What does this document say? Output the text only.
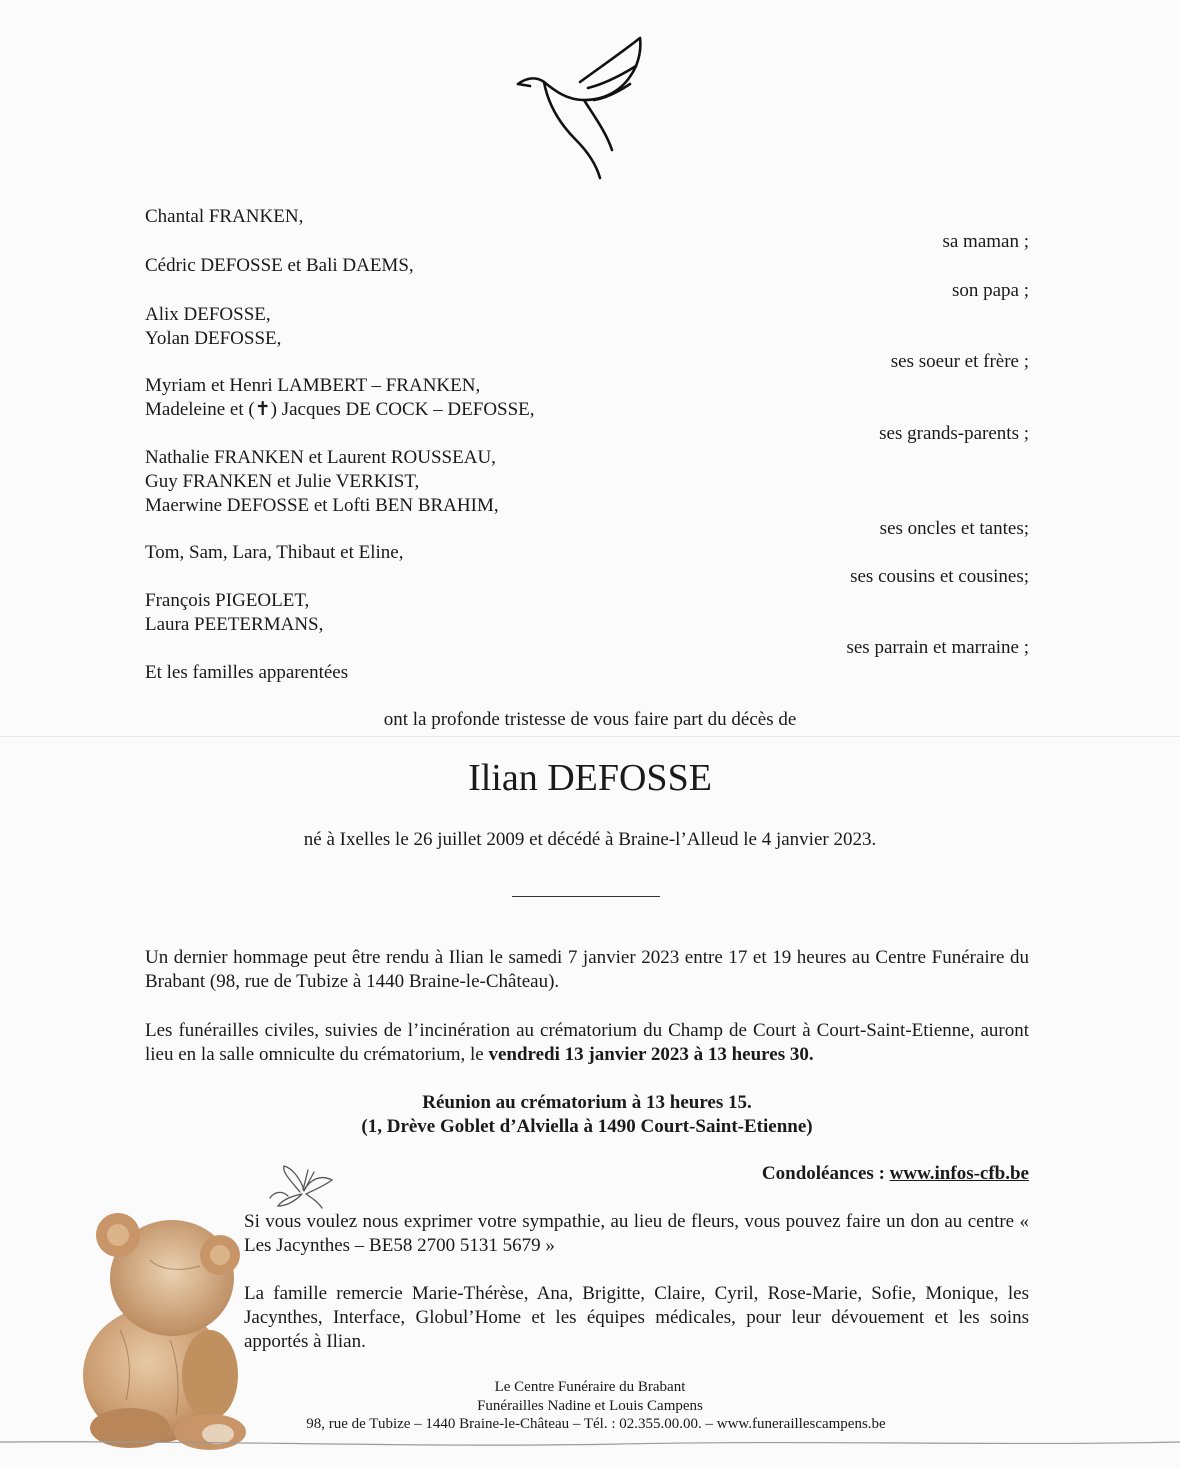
Chantal FRANKEN,
sa maman ;
Cédric DEFOSSE et Bali DAEMS,
son papa ;
Alix DEFOSSE,
Yolan DEFOSSE,
ses soeur et frère ;
Myriam et Henri LAMBERT – FRANKEN,
Madeleine et (✝) Jacques DE COCK – DEFOSSE,
ses grands-parents ;
Nathalie FRANKEN et Laurent ROUSSEAU,
Guy FRANKEN et Julie VERKIST,
Maerwine DEFOSSE et Lofti BEN BRAHIM,
ses oncles et tantes;
Tom, Sam, Lara, Thibaut et Eline,
ses cousins et cousines;
François PIGEOLET,
Laura PEETERMANS,
ses parrain et marraine ;
Et les familles apparentées
ont la profonde tristesse de vous faire part du décès de
Ilian DEFOSSE
né à Ixelles le 26 juillet 2009 et décédé à Braine-l’Alleud le 4 janvier 2023.
Un dernier hommage peut être rendu à Ilian le samedi 7 janvier 2023 entre 17 et 19 heures au Centre Funéraire du Brabant (98, rue de Tubize à 1440 Braine-le-Château).
Les funérailles civiles, suivies de l’incinération au crématorium du Champ de Court à Court-Saint-Etienne, auront lieu en la salle omniculte du crématorium, le vendredi 13 janvier 2023 à 13 heures 30.
Réunion au crématorium à 13 heures 15.
(1, Drève Goblet d’Alviella à 1490 Court-Saint-Etienne)
Condoléances : www.infos-cfb.be
Si vous voulez nous exprimer votre sympathie, au lieu de fleurs, vous pouvez faire un don au centre « Les Jacynthes – BE58 2700 5131 5679 »
La famille remercie Marie-Thérèse, Ana, Brigitte, Claire, Cyril, Rose-Marie, Sofie, Monique, les Jacynthes, Interface, Globul’Home et les équipes médicales, pour leur dévouement et les soins apportés à Ilian.
Le Centre Funéraire du Brabant
Funérailles Nadine et Louis Campens
98, rue de Tubize – 1440 Braine-le-Château – Tél. : 02.355.00.00. – www.funeraillescampens.be
